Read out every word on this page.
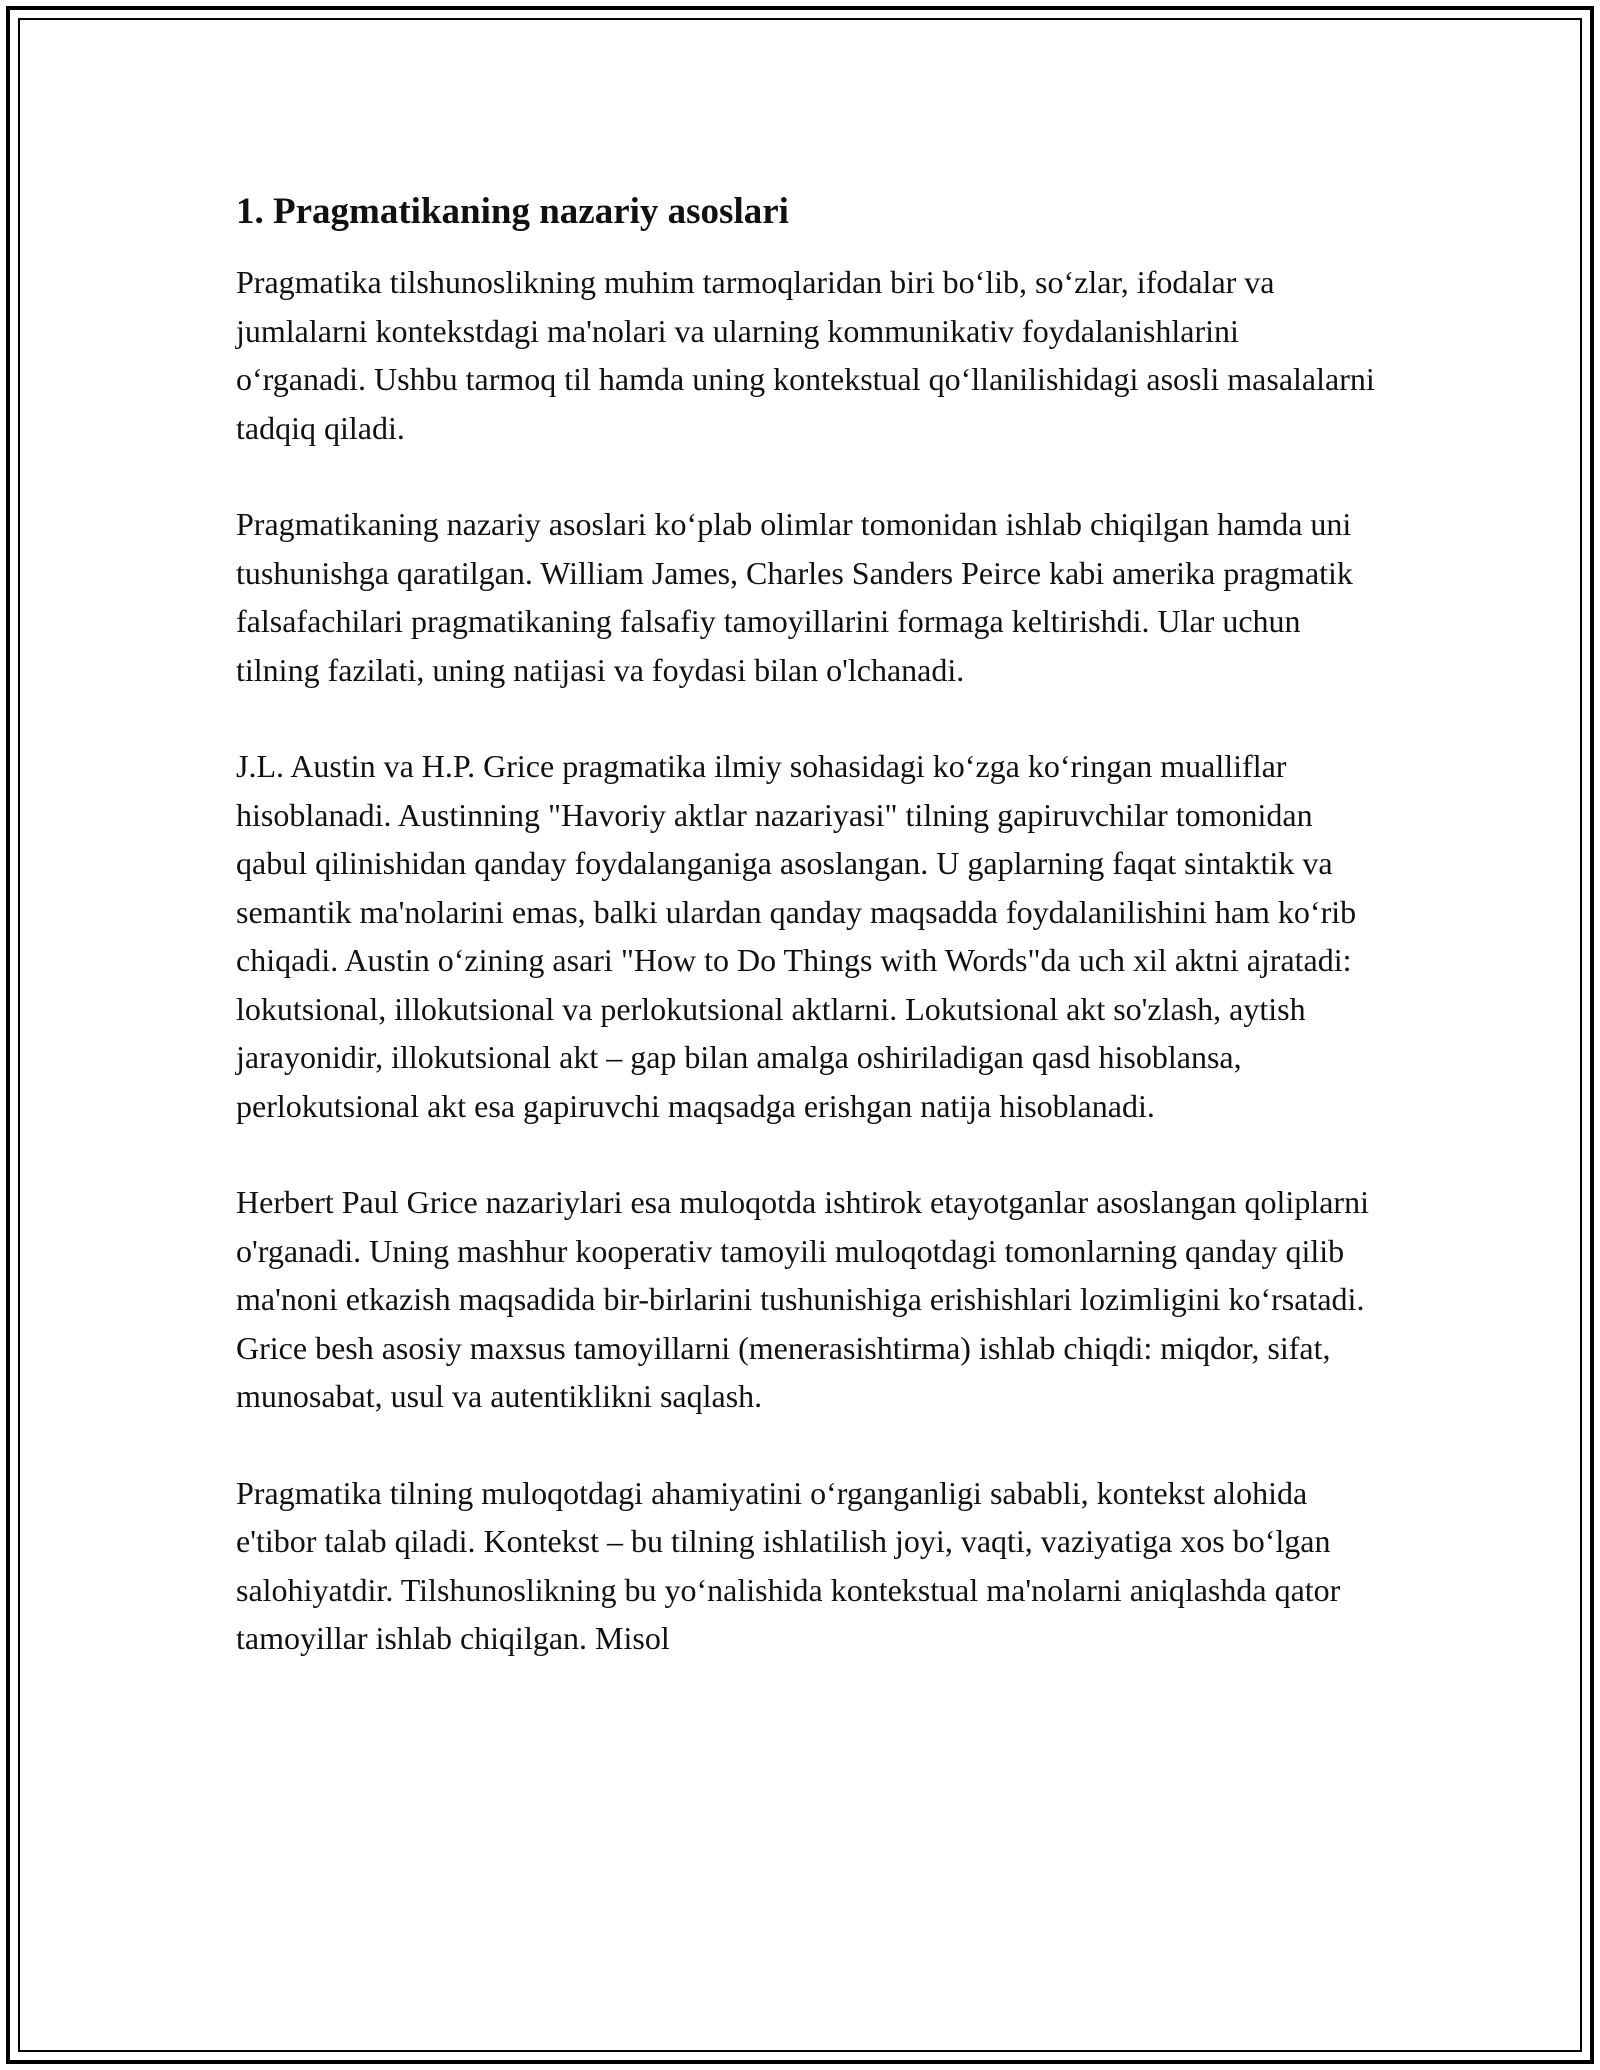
1. Pragmatikaning nazariy asoslari

Pragmatika tilshunoslikning muhim tarmoqlaridan biri bo‘lib, so‘zlar, ifodalar va jumlalarni kontekstdagi ma'nolari va ularning kommunikativ foydalanishlarini o‘rganadi. Ushbu tarmoq til hamda uning kontekstual qo‘llanilishidagi asosli masalalarni tadqiq qiladi.

Pragmatikaning nazariy asoslari ko‘plab olimlar tomonidan ishlab chiqilgan hamda uni tushunishga qaratilgan. William James, Charles Sanders Peirce kabi amerika pragmatik falsafachilari pragmatikaning falsafiy tamoyillarini formaga keltirishdi. Ular uchun tilning fazilati, uning natijasi va foydasi bilan o'lchanadi.

J.L. Austin va H.P. Grice pragmatika ilmiy sohasidagi ko‘zga ko‘ringan mualliflar hisoblanadi. Austinning "Havoriy aktlar nazariyasi" tilning gapiruvchilar tomonidan qabul qilinishidan qanday foydalanganiga asoslangan. U gaplarning faqat sintaktik va semantik ma'nolarini emas, balki ulardan qanday maqsadda foydalanilishini ham ko‘rib chiqadi. Austin o‘zining asari "How to Do Things with Words"da uch xil aktni ajratadi: lokutsional, illokutsional va perlokutsional aktlarni. Lokutsional akt so'zlash, aytish jarayonidir, illokutsional akt – gap bilan amalga oshiriladigan qasd hisoblansa, perlokutsional akt esa gapiruvchi maqsadga erishgan natija hisoblanadi.

Herbert Paul Grice nazariylari esa muloqotda ishtirok etayotganlar asoslangan qoliplarni o'rganadi. Uning mashhur kooperativ tamoyili muloqotdagi tomonlarning qanday qilib ma'noni etkazish maqsadida bir-birlarini tushunishiga erishishlari lozimligini ko‘rsatadi. Grice besh asosiy maxsus tamoyillarni (menerasishtirma) ishlab chiqdi: miqdor, sifat, munosabat, usul va autentiklikni saqlash.

Pragmatika tilning muloqotdagi ahamiyatini o‘rganganligi sababli, kontekst alohida e'tibor talab qiladi. Kontekst – bu tilning ishlatilish joyi, vaqti, vaziyatiga xos bo‘lgan salohiyatdir. Tilshunoslikning bu yo‘nalishida kontekstual ma'nolarni aniqlashda qator tamoyillar ishlab chiqilgan. Misol
